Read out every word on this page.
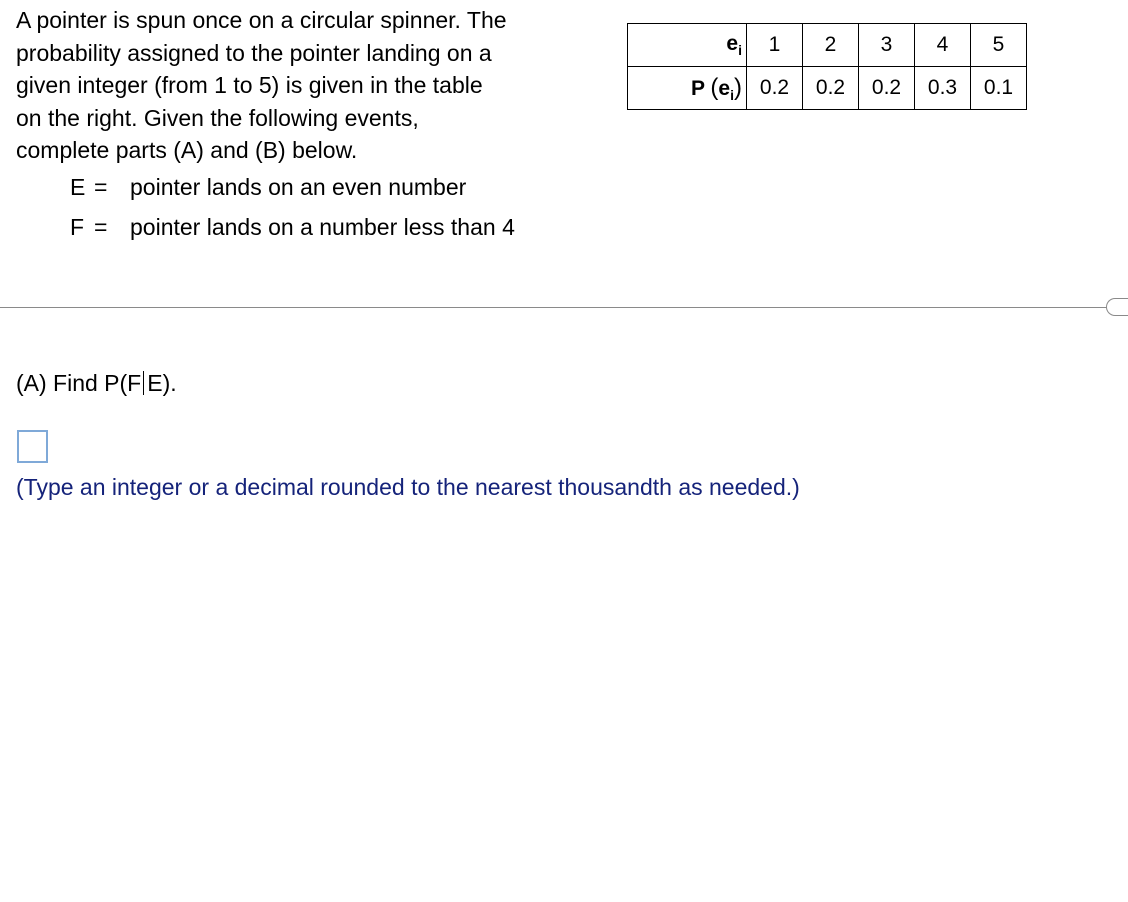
A pointer is spun once on a circular spinner. The

probability assigned to the pointer landing on a

given integer (from 1 to 5) is given in the table

on the right. Given the following events,

complete parts (A) and (B) below.

E = pointer lands on an even number
F = pointer lands on a number less than 4
$e_i$	1	2	3	4	5
P $(e_i)$	0.2	0.2	0.2	0.3	0.1
(A) Find P(F E).
(Type an integer or a decimal rounded to the nearest thousandth as needed.)
